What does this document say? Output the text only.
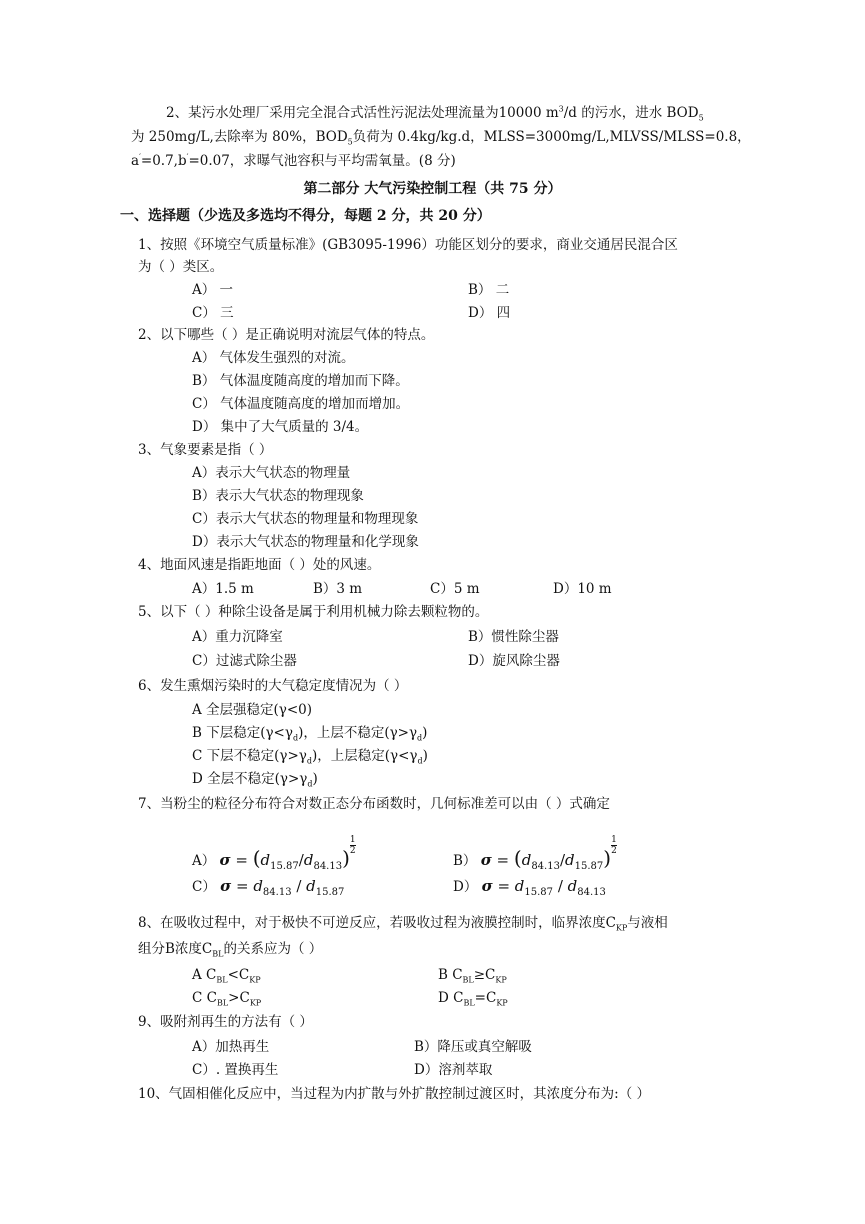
2、某污水处理厂采用完全混合式活性污泥法处理流量为10000 $m^3/d$ 的污水，进水 $BOD_5$
为 250mg/L,去除率为 80%，$BOD_5$负荷为 0.4kg/kg.d，MLSS=3000mg/L,MLVSS/MLSS=0.8，
a′=0.7,b′=0.07，求曝气池容积与平均需氧量。(8 分)
第二部分 大气污染控制工程（共 75 分）
一、选择题（少选及多选均不得分，每题 2 分，共 20 分）
1、按照《环境空气质量标准》(GB3095-1996）功能区划分的要求，商业交通居民混合区
为（ ）类区。
A） 一	B） 二
C） 三	D） 四
2、以下哪些（ ）是正确说明对流层气体的特点。
A） 气体发生强烈的对流。
B） 气体温度随高度的增加而下降。
C） 气体温度随高度的增加而增加。
D） 集中了大气质量的 3/4。
3、气象要素是指（ ）
A）表示大气状态的物理量
B）表示大气状态的物理现象
C）表示大气状态的物理量和物理现象
D）表示大气状态的物理量和化学现象
4、地面风速是指距地面（ ）处的风速。
A）1.5 m	B）3 m	C）5 m	D）10 m
5、以下（ ）种除尘设备是属于利用机械力除去颗粒物的。
A）重力沉降室	B）惯性除尘器
C）过滤式除尘器	D）旋风除尘器
6、发生熏烟污染时的大气稳定度情况为（ ）
A 全层强稳定(γ<0)
B 下层稳定$(\gamma<\gamma_d)$，上层不稳定$(\gamma>\gamma_d)$
C 下层不稳定$(\gamma>\gamma_d)$，上层稳定$(\gamma<\gamma_d)$
D 全层不稳定$(\gamma>\gamma_d)$
7、当粉尘的粒径分布符合对数正态分布函数时，几何标准差可以由（ ）式确定
A） $\sigma = (d_{15.87}/d_{84.13})$
$\frac{1}{2}$
B） $\sigma = (d_{84.13}/d_{15.87})$
$\frac{1}{2}$
C） $\sigma = d_{84.13} / d_{15.87}$	D） $\sigma = d_{15.87} / d_{84.13}$
8、在吸收过程中，对于极快不可逆反应，若吸收过程为液膜控制时，临界浓度$C_{KP}$与液相
组分B浓度$C_{BL}$的关系应为（ ）
A $C_{BL}<C_{KP}$	B $C_{BL}\ge C_{KP}$
C $C_{BL}>C_{KP}$	D $C_{BL}=C_{KP}$
9、吸附剂再生的方法有（ ）
A）加热再生	B）降压或真空解吸
C）. 置换再生	D）溶剂萃取
10、气固相催化反应中，当过程为内扩散与外扩散控制过渡区时，其浓度分布为:（ ）
